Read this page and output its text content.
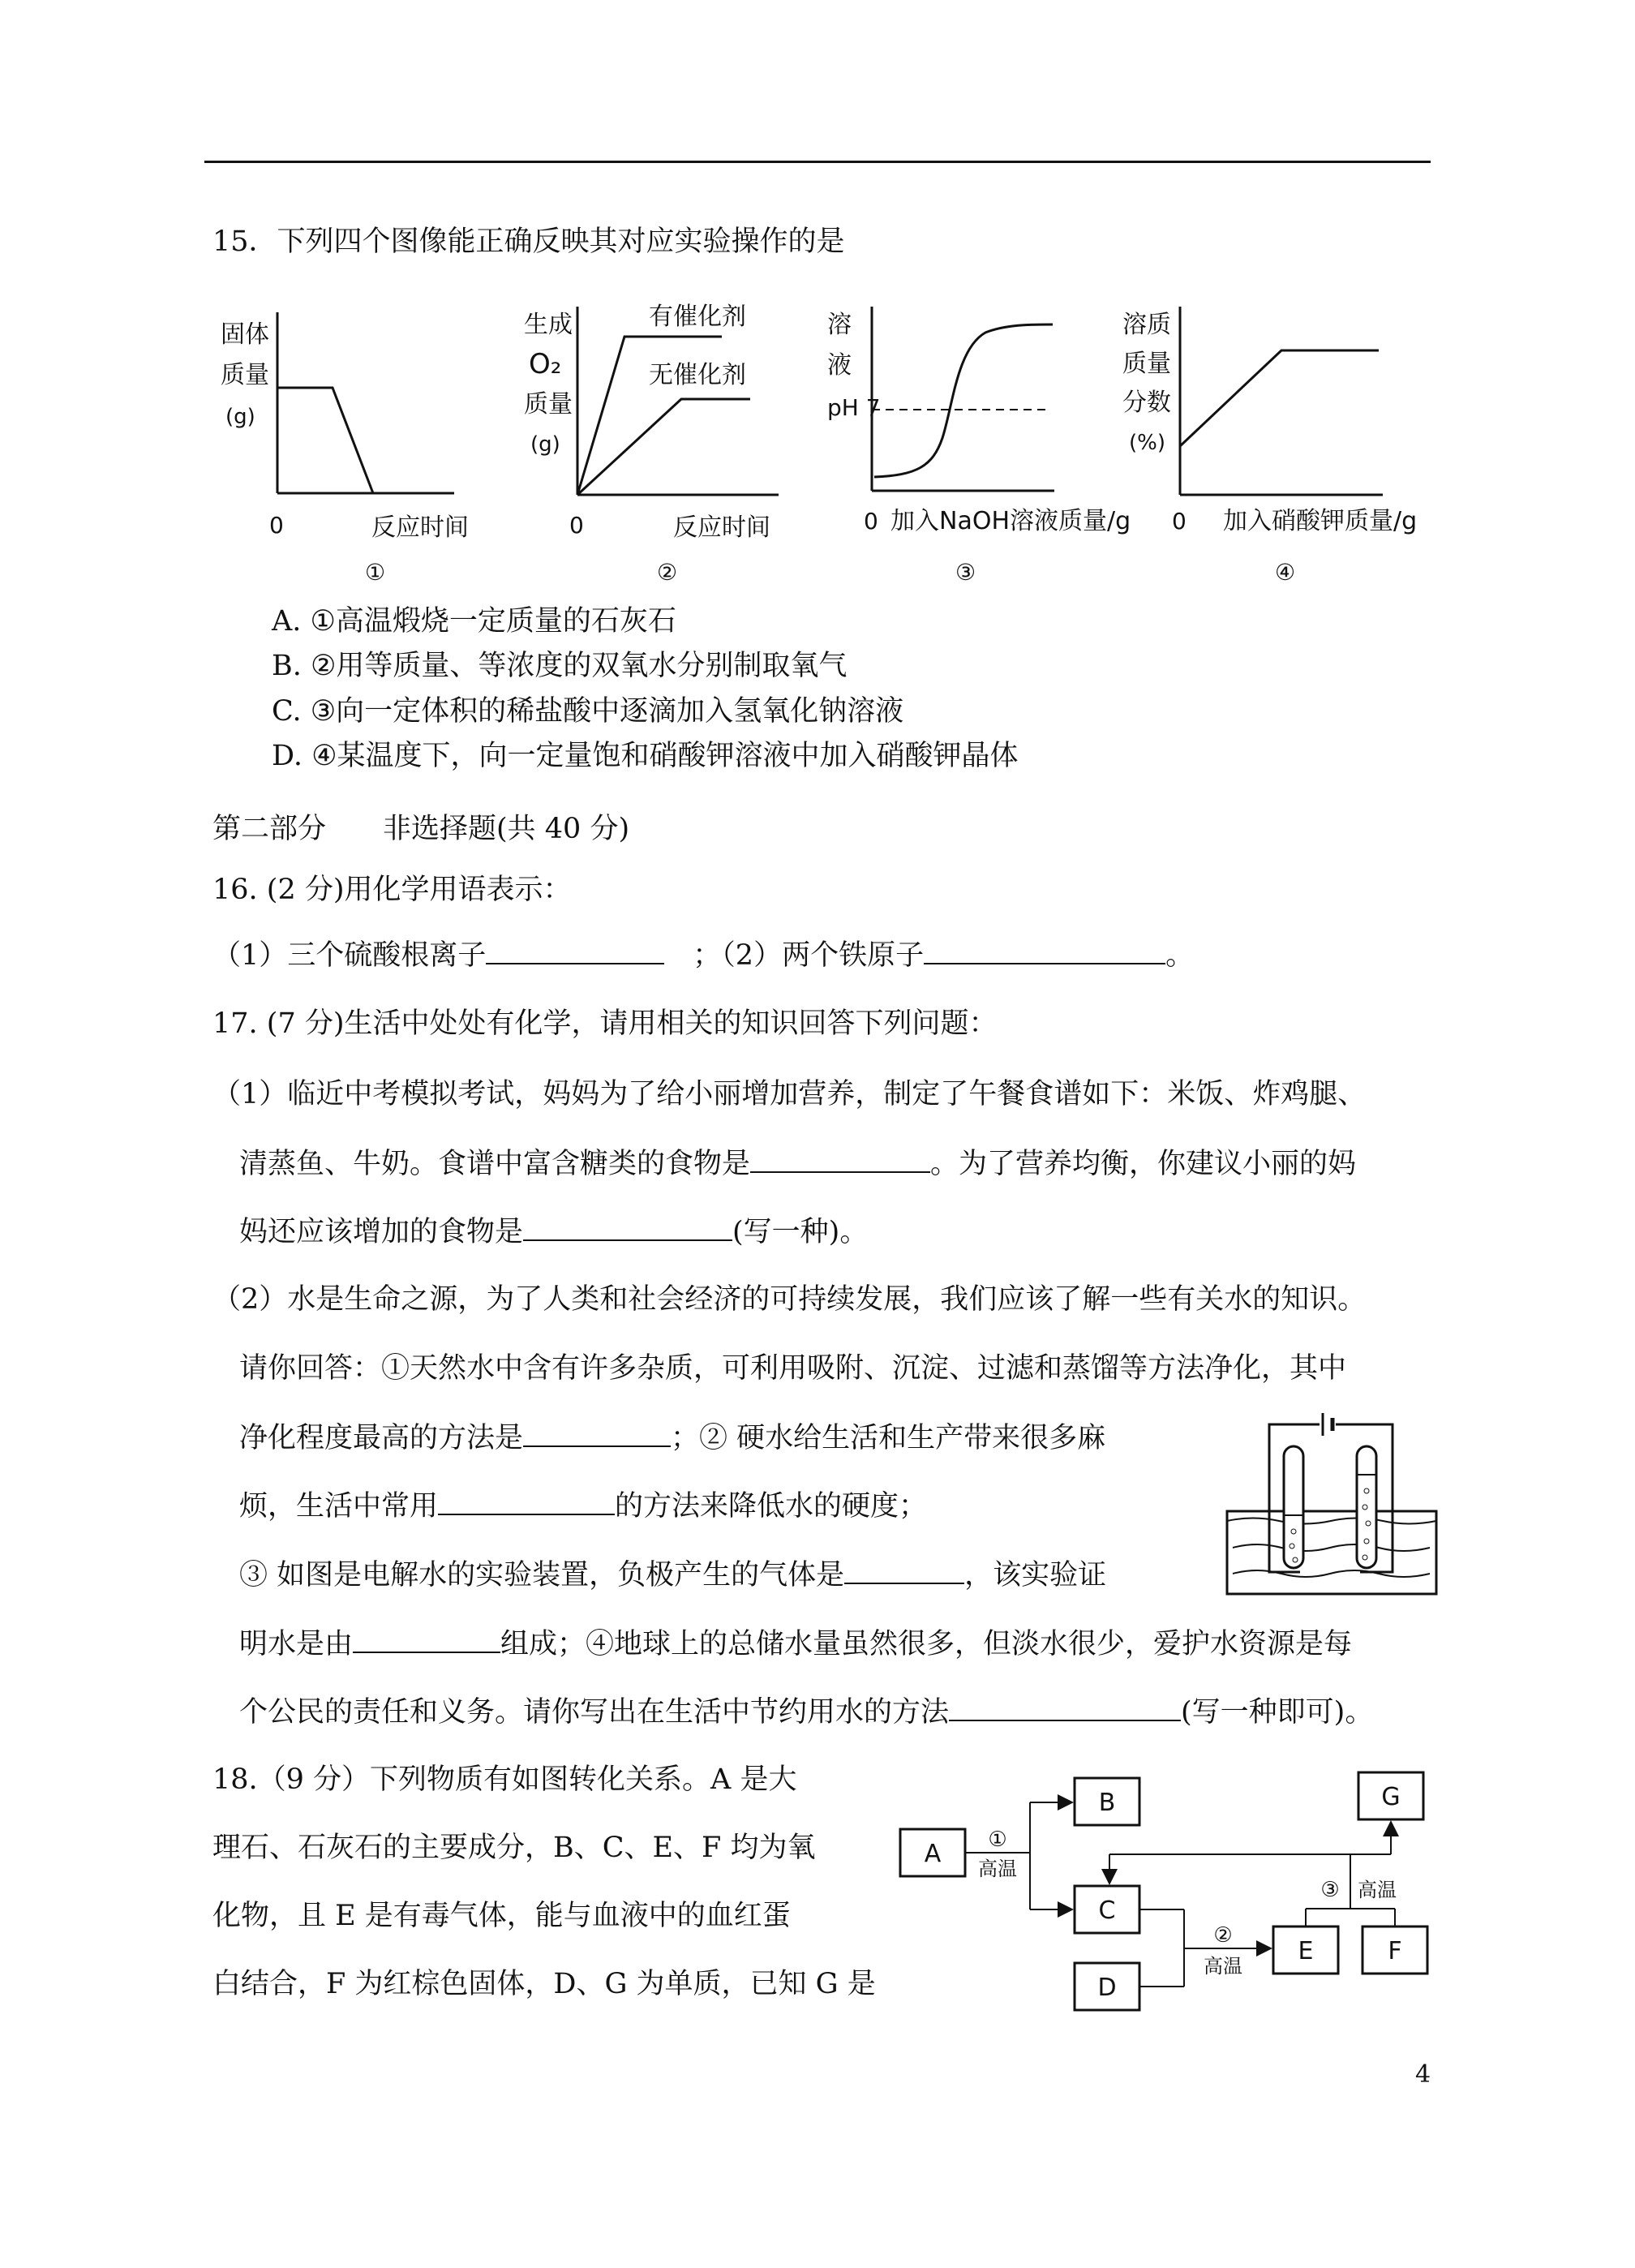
15．下列四个图像能正确反映其对应实验操作的是
固体
质量
(g)
0	反应时间
①
生成
O₂
质量
(g)
有催化剂
无催化剂
0	反应时间
②
溶
液
pH 7
0 加入NaOH溶液质量/g
③
溶质
质量
分数
(%)
0 加入硝酸钾质量/g
④
A. ①高温煅烧一定质量的石灰石
B. ②用等质量、等浓度的双氧水分别制取氧气
C. ③向一定体积的稀盐酸中逐滴加入氢氧化钠溶液
D. ④某温度下，向一定量饱和硝酸钾溶液中加入硝酸钾晶体
第二部分　　非选择题(共 40 分)
16. (2 分)用化学用语表示：
（1）三个硫酸根离子　	；（2）两个铁原子	。
17. (7 分)生活中处处有化学，请用相关的知识回答下列问题：
（1）临近中考模拟考试，妈妈为了给小丽增加营养，制定了午餐食谱如下：米饭、炸鸡腿、
清蒸鱼、牛奶。食谱中富含糖类的食物是	。为了营养均衡，你建议小丽的妈
妈还应该增加的食物是	(写一种)。
（2）水是生命之源，为了人类和社会经济的可持续发展，我们应该了解一些有关水的知识。
请你回答：①天然水中含有许多杂质，可利用吸附、沉淀、过滤和蒸馏等方法净化，其中
净化程度最高的方法是	；② 硬水给生活和生产带来很多麻
烦，生活中常用	的方法来降低水的硬度；
③ 如图是电解水的实验装置，负极产生的气体是	，该实验证
明水是由	组成；④地球上的总储水量虽然很多，但淡水很少，爱护水资源是每
个公民的责任和义务。请你写出在生活中节约用水的方法	(写一种即可)。
18.（9 分）下列物质有如图转化关系。A 是大
理石、石灰石的主要成分，B、C、E、F 均为氧
化物，且 E 是有毒气体，能与血液中的血红蛋
白结合，F 为红棕色固体，D、G 为单质，已知 G 是
A
B
C
D
E	F
G
①
高温
②
高温
③ 高温
4
